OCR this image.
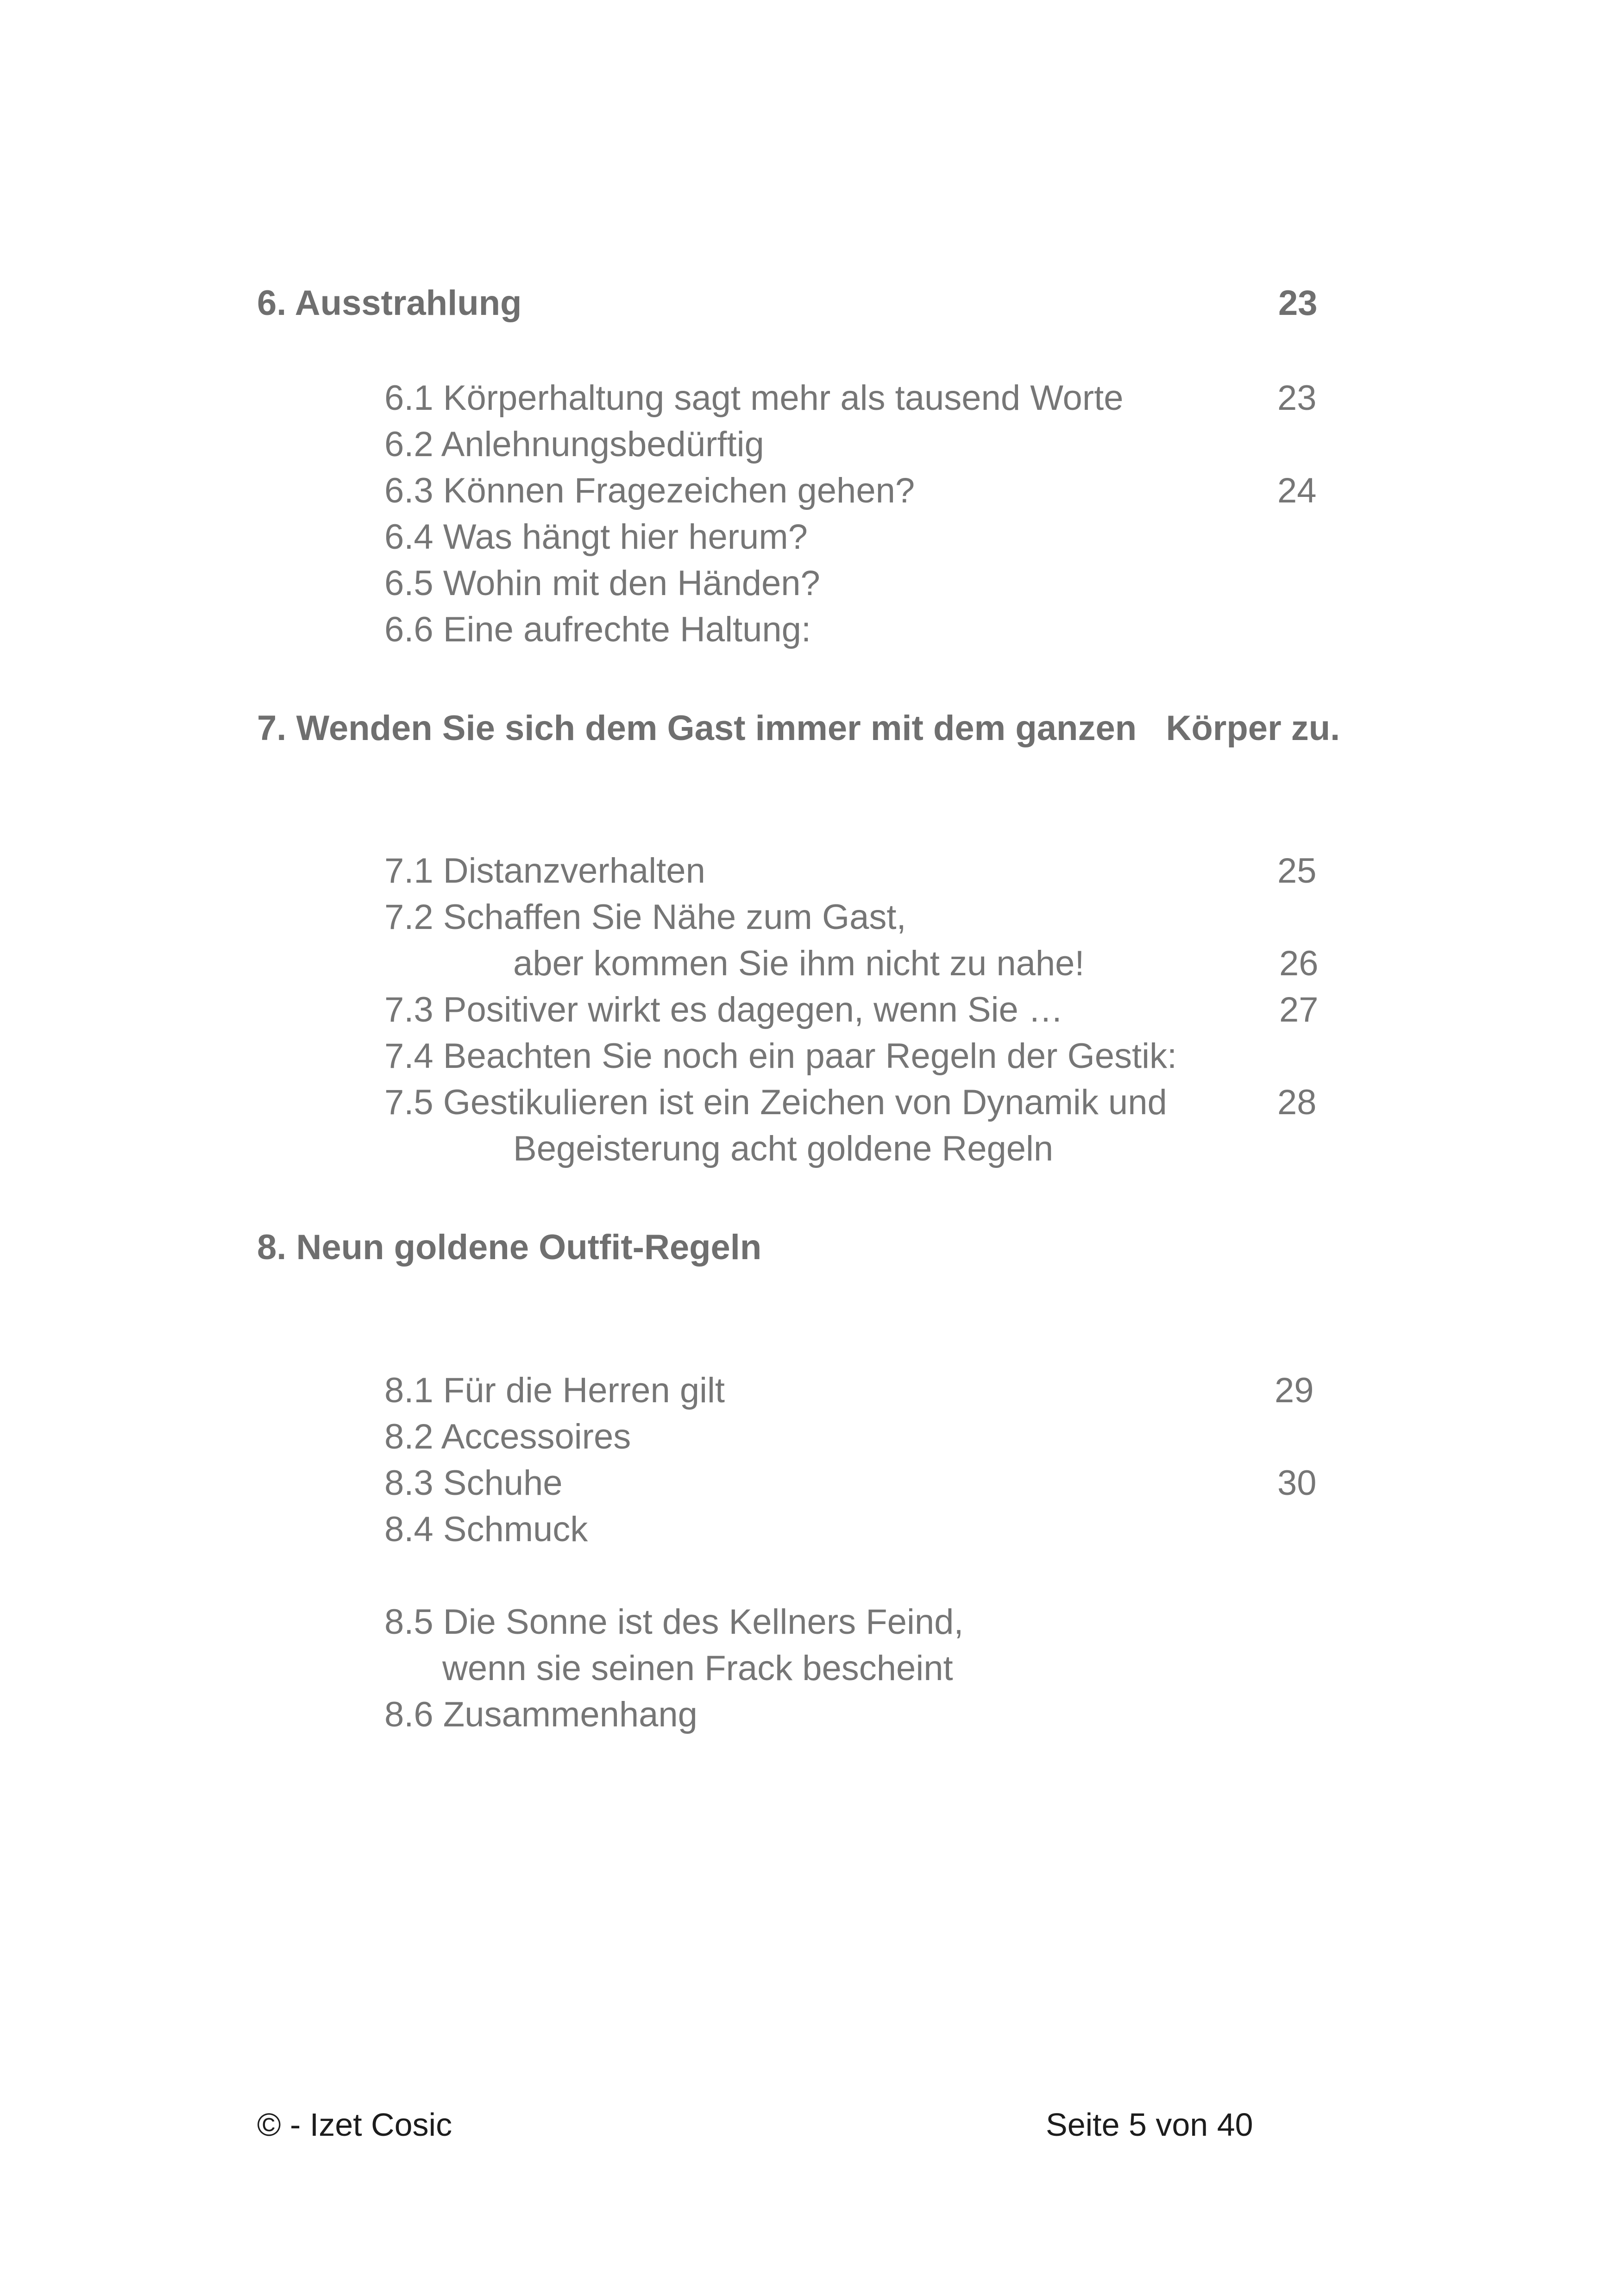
6. Ausstrahlung	23
6.1 Körperhaltung sagt mehr als tausend Worte	23
6.2 Anlehnungsbedürftig
6.3 Können Fragezeichen gehen?	24
6.4 Was hängt hier herum?
6.5 Wohin mit den Händen?
6.6 Eine aufrechte Haltung:
7. Wenden Sie sich dem Gast immer mit dem ganzen   Körper zu.
7.1 Distanzverhalten	25
7.2 Schaffen Sie Nähe zum Gast,
aber kommen Sie ihm nicht zu nahe!	26
7.3 Positiver wirkt es dagegen, wenn Sie …	27
7.4 Beachten Sie noch ein paar Regeln der Gestik:
7.5 Gestikulieren ist ein Zeichen von Dynamik und	28
Begeisterung acht goldene Regeln
8. Neun goldene Outfit-Regeln
8.1 Für die Herren gilt	29
8.2 Accessoires
8.3 Schuhe	30
8.4 Schmuck
8.5 Die Sonne ist des Kellners Feind,
wenn sie seinen Frack bescheint
8.6 Zusammenhang
© - Izet Cosic	Seite 5 von 40
